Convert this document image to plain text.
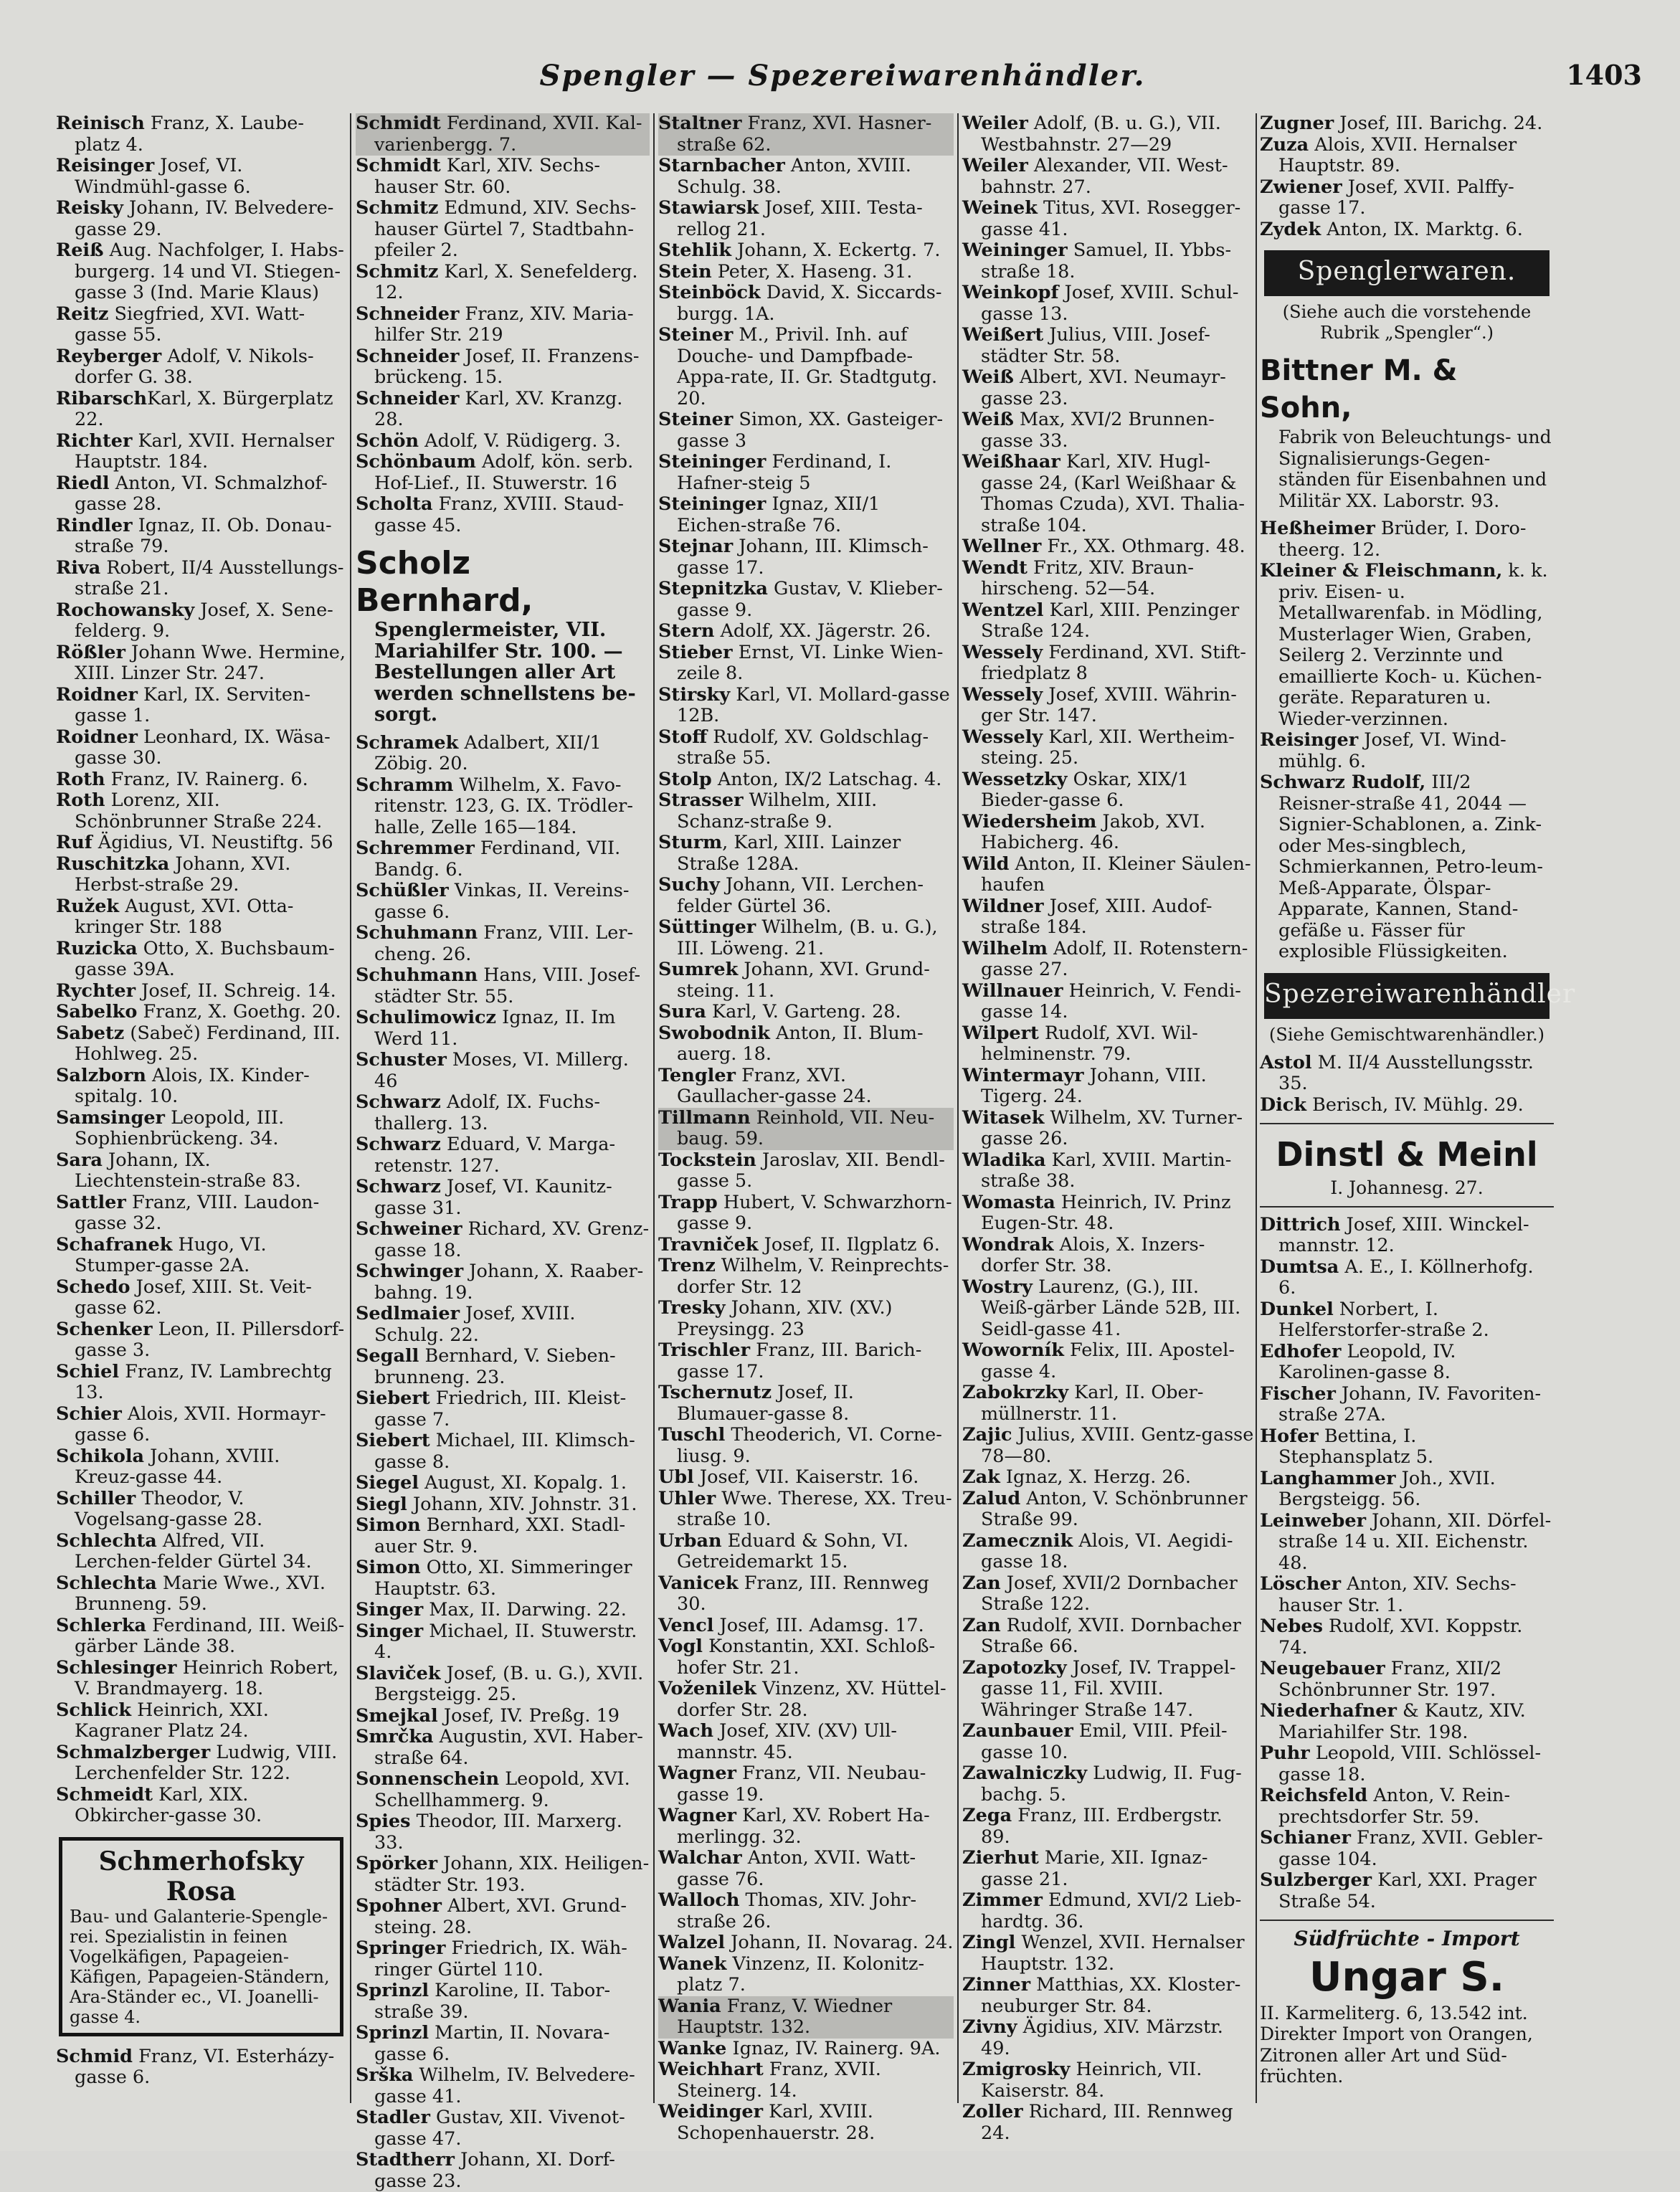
Spengler — Spezereiwarenhändler.	1403
Reinisch Franz, X. Laube-platz 4.
Reisinger Josef, VI. Windmühl-gasse 6.
Reisky Johann, IV. Belvedere-gasse 29.
Reiß Aug. Nachfolger, I. Habs-burgerg. 14 und VI. Stiegen-gasse 3 (Ind. Marie Klaus)
Reitz Siegfried, XVI. Watt-gasse 55.
Reyberger Adolf, V. Nikols-dorfer G. 38.
RibarschKarl, X. Bürgerplatz 22.
Richter Karl, XVII. Hernalser Hauptstr. 184.
Riedl Anton, VI. Schmalzhof-gasse 28.
Rindler Ignaz, II. Ob. Donau-straße 79.
Riva Robert, II/4 Ausstellungs-straße 21.
Rochowansky Josef, X. Sene-felderg. 9.
Rößler Johann Wwe. Hermine, XIII. Linzer Str. 247.
Roidner Karl, IX. Serviten-gasse 1.
Roidner Leonhard, IX. Wäsa-gasse 30.
Roth Franz, IV. Rainerg. 6.
Roth Lorenz, XII. Schönbrunner Straße 224.
Ruf Ägidius, VI. Neustiftg. 56
Ruschitzka Johann, XVI. Herbst-straße 29.
Ružek August, XVI. Otta-kringer Str. 188
Ruzicka Otto, X. Buchsbaum-gasse 39A.
Rychter Josef, II. Schreig. 14.
Sabelko Franz, X. Goethg. 20.
Sabetz (Sabeč) Ferdinand, III. Hohlweg. 25.
Salzborn Alois, IX. Kinder-spitalg. 10.
Samsinger Leopold, III. Sophienbrückeng. 34.
Sara Johann, IX. Liechtenstein-straße 83.
Sattler Franz, VIII. Laudon-gasse 32.
Schafranek Hugo, VI. Stumper-gasse 2A.
Schedo Josef, XIII. St. Veit-gasse 62.
Schenker Leon, II. Pillersdorf-gasse 3.
Schiel Franz, IV. Lambrechtg 13.
Schier Alois, XVII. Hormayr-gasse 6.
Schikola Johann, XVIII. Kreuz-gasse 44.
Schiller Theodor, V. Vogelsang-gasse 28.
Schlechta Alfred, VII. Lerchen-felder Gürtel 34.
Schlechta Marie Wwe., XVI. Brunneng. 59.
Schlerka Ferdinand, III. Weiß-gärber Lände 38.
Schlesinger Heinrich Robert, V. Brandmayerg. 18.
Schlick Heinrich, XXI. Kagraner Platz 24.
Schmalzberger Ludwig, VIII. Lerchenfelder Str. 122.
Schmeidt Karl, XIX. Obkircher-gasse 30.
Schmerhofsky Rosa
Bau- und Galanterie-Spengle-rei. Spezialistin in feinen Vogelkäfigen, Papageien-Käfigen, Papageien-Ständern, Ara-Ständer ec., VI. Joanelli-gasse 4.
Schmid Franz, VI. Esterházy-gasse 6.
Schmidt Ferdinand, XVII. Kal-varienbergg. 7.
Schmidt Karl, XIV. Sechs-hauser Str. 60.
Schmitz Edmund, XIV. Sechs-hauser Gürtel 7, Stadtbahn-pfeiler 2.
Schmitz Karl, X. Senefelderg. 12.
Schneider Franz, XIV. Maria-hilfer Str. 219
Schneider Josef, II. Franzens-brückeng. 15.
Schneider Karl, XV. Kranzg. 28.
Schön Adolf, V. Rüdigerg. 3.
Schönbaum Adolf, kön. serb. Hof-Lief., II. Stuwerstr. 16
Scholta Franz, XVIII. Staud-gasse 45.
Scholz Bernhard,
Spenglermeister, VII. Mariahilfer Str. 100. — Bestellungen aller Art werden schnellstens be-sorgt.
Schramek Adalbert, XII/1 Zöbig. 20.
Schramm Wilhelm, X. Favo-ritenstr. 123, G. IX. Trödler-halle, Zelle 165—184.
Schremmer Ferdinand, VII. Bandg. 6.
Schüßler Vinkas, II. Vereins-gasse 6.
Schuhmann Franz, VIII. Ler-cheng. 26.
Schuhmann Hans, VIII. Josef-städter Str. 55.
Schulimowicz Ignaz, II. Im Werd 11.
Schuster Moses, VI. Millerg. 46
Schwarz Adolf, IX. Fuchs-thallerg. 13.
Schwarz Eduard, V. Marga-retenstr. 127.
Schwarz Josef, VI. Kaunitz-gasse 31.
Schweiner Richard, XV. Grenz-gasse 18.
Schwinger Johann, X. Raaber-bahng. 19.
Sedlmaier Josef, XVIII. Schulg. 22.
Segall Bernhard, V. Sieben-brunneng. 23.
Siebert Friedrich, III. Kleist-gasse 7.
Siebert Michael, III. Klimsch-gasse 8.
Siegel August, XI. Kopalg. 1.
Siegl Johann, XIV. Johnstr. 31.
Simon Bernhard, XXI. Stadl-auer Str. 9.
Simon Otto, XI. Simmeringer Hauptstr. 63.
Singer Max, II. Darwing. 22.
Singer Michael, II. Stuwerstr. 4.
Slaviček Josef, (B. u. G.), XVII. Bergsteigg. 25.
Smejkal Josef, IV. Preßg. 19
Smrčka Augustin, XVI. Haber-straße 64.
Sonnenschein Leopold, XVI. Schellhammerg. 9.
Spies Theodor, III. Marxerg. 33.
Spörker Johann, XIX. Heiligen-städter Str. 193.
Spohner Albert, XVI. Grund-steing. 28.
Springer Friedrich, IX. Wäh-ringer Gürtel 110.
Sprinzl Karoline, II. Tabor-straße 39.
Sprinzl Martin, II. Novara-gasse 6.
Srška Wilhelm, IV. Belvedere-gasse 41.
Stadler Gustav, XII. Vivenot-gasse 47.
Stadtherr Johann, XI. Dorf-gasse 23.
Staltner Franz, XVI. Hasner-straße 62.
Starnbacher Anton, XVIII. Schulg. 38.
Stawiarsk Josef, XIII. Testa-rellog 21.
Stehlik Johann, X. Eckertg. 7.
Stein Peter, X. Haseng. 31.
Steinböck David, X. Siccards-burgg. 1A.
Steiner M., Privil. Inh. auf Douche- und Dampfbade-Appa-rate, II. Gr. Stadtgutg. 20.
Steiner Simon, XX. Gasteiger-gasse 3
Steininger Ferdinand, I. Hafner-steig 5
Steininger Ignaz, XII/1 Eichen-straße 76.
Stejnar Johann, III. Klimsch-gasse 17.
Stepnitzka Gustav, V. Klieber-gasse 9.
Stern Adolf, XX. Jägerstr. 26.
Stieber Ernst, VI. Linke Wien-zeile 8.
Stirsky Karl, VI. Mollard-gasse 12B.
Stoff Rudolf, XV. Goldschlag-straße 55.
Stolp Anton, IX/2 Latschag. 4.
Strasser Wilhelm, XIII. Schanz-straße 9.
Sturm, Karl, XIII. Lainzer Straße 128A.
Suchy Johann, VII. Lerchen-felder Gürtel 36.
Süttinger Wilhelm, (B. u. G.), III. Löweng. 21.
Sumrek Johann, XVI. Grund-steing. 11.
Sura Karl, V. Garteng. 28.
Swobodnik Anton, II. Blum-auerg. 18.
Tengler Franz, XVI. Gaullacher-gasse 24.
Tillmann Reinhold, VII. Neu-baug. 59.
Tockstein Jaroslav, XII. Bendl-gasse 5.
Trapp Hubert, V. Schwarzhorn-gasse 9.
Travniček Josef, II. Ilgplatz 6.
Trenz Wilhelm, V. Reinprechts-dorfer Str. 12
Tresky Johann, XIV. (XV.) Preysingg. 23
Trischler Franz, III. Barich-gasse 17.
Tschernutz Josef, II. Blumauer-gasse 8.
Tuschl Theoderich, VI. Corne-liusg. 9.
Ubl Josef, VII. Kaiserstr. 16.
Uhler Wwe. Therese, XX. Treu-straße 10.
Urban Eduard & Sohn, VI. Getreidemarkt 15.
Vanicek Franz, III. Rennweg 30.
Vencl Josef, III. Adamsg. 17.
Vogl Konstantin, XXI. Schloß-hofer Str. 21.
Voženilek Vinzenz, XV. Hüttel-dorfer Str. 28.
Wach Josef, XIV. (XV) Ull-mannstr. 45.
Wagner Franz, VII. Neubau-gasse 19.
Wagner Karl, XV. Robert Ha-merlingg. 32.
Walchar Anton, XVII. Watt-gasse 76.
Walloch Thomas, XIV. Johr-straße 26.
Walzel Johann, II. Novarag. 24.
Wanek Vinzenz, II. Kolonitz-platz 7.
Wania Franz, V. Wiedner Hauptstr. 132.
Wanke Ignaz, IV. Rainerg. 9A.
Weichhart Franz, XVII. Steinerg. 14.
Weidinger Karl, XVIII. Schopenhauerstr. 28.
Weiler Adolf, (B. u. G.), VII. Westbahnstr. 27—29
Weiler Alexander, VII. West-bahnstr. 27.
Weinek Titus, XVI. Rosegger-gasse 41.
Weininger Samuel, II. Ybbs-straße 18.
Weinkopf Josef, XVIII. Schul-gasse 13.
Weißert Julius, VIII. Josef-städter Str. 58.
Weiß Albert, XVI. Neumayr-gasse 23.
Weiß Max, XVI/2 Brunnen-gasse 33.
Weißhaar Karl, XIV. Hugl-gasse 24, (Karl Weißhaar & Thomas Czuda), XVI. Thalia-straße 104.
Wellner Fr., XX. Othmarg. 48.
Wendt Fritz, XIV. Braun-hirscheng. 52—54.
Wentzel Karl, XIII. Penzinger Straße 124.
Wessely Ferdinand, XVI. Stift-friedplatz 8
Wessely Josef, XVIII. Währin-ger Str. 147.
Wessely Karl, XII. Wertheim-steing. 25.
Wessetzky Oskar, XIX/1 Bieder-gasse 6.
Wiedersheim Jakob, XVI. Habicherg. 46.
Wild Anton, II. Kleiner Säulen-haufen
Wildner Josef, XIII. Audof-straße 184.
Wilhelm Adolf, II. Rotenstern-gasse 27.
Willnauer Heinrich, V. Fendi-gasse 14.
Wilpert Rudolf, XVI. Wil-helminenstr. 79.
Wintermayr Johann, VIII. Tigerg. 24.
Witasek Wilhelm, XV. Turner-gasse 26.
Wladika Karl, XVIII. Martin-straße 38.
Womasta Heinrich, IV. Prinz Eugen-Str. 48.
Wondrak Alois, X. Inzers-dorfer Str. 38.
Wostry Laurenz, (G.), III. Weiß-gärber Lände 52B, III. Seidl-gasse 41.
Woworník Felix, III. Apostel-gasse 4.
Zabokrzky Karl, II. Ober-müllnerstr. 11.
Zajic Julius, XVIII. Gentz-gasse 78—80.
Zak Ignaz, X. Herzg. 26.
Zalud Anton, V. Schönbrunner Straße 99.
Zamecznik Alois, VI. Aegidi-gasse 18.
Zan Josef, XVII/2 Dornbacher Straße 122.
Zan Rudolf, XVII. Dornbacher Straße 66.
Zapotozky Josef, IV. Trappel-gasse 11, Fil. XVIII. Währinger Straße 147.
Zaunbauer Emil, VIII. Pfeil-gasse 10.
Zawalniczky Ludwig, II. Fug-bachg. 5.
Zega Franz, III. Erdbergstr. 89.
Zierhut Marie, XII. Ignaz-gasse 21.
Zimmer Edmund, XVI/2 Lieb-hardtg. 36.
Zingl Wenzel, XVII. Hernalser Hauptstr. 132.
Zinner Matthias, XX. Kloster-neuburger Str. 84.
Zivny Ägidius, XIV. Märzstr. 49.
Zmigrosky Heinrich, VII. Kaiserstr. 84.
Zoller Richard, III. Rennweg 24.
Zugner Josef, III. Barichg. 24.
Zuza Alois, XVII. Hernalser Hauptstr. 89.
Zwiener Josef, XVII. Palffy-gasse 17.
Zydek Anton, IX. Marktg. 6.
Spenglerwaren.
(Siehe auch die vorstehende Rubrik „Spengler“.)
Bittner M. & Sohn,
Fabrik von Beleuchtungs- und Signalisierungs-Gegen-ständen für Eisenbahnen und Militär XX. Laborstr. 93.
Heßheimer Brüder, I. Doro-theerg. 12.
Kleiner & Fleischmann, k. k. priv. Eisen- u. Metallwarenfab. in Mödling, Musterlager Wien, Graben, Seilerg 2. Verzinnte und emaillierte Koch- u. Küchen-geräte. Reparaturen u. Wieder-verzinnen.
Reisinger Josef, VI. Wind-mühlg. 6.
Schwarz Rudolf, III/2 Reisner-straße 41, 2044 — Signier-Schablonen, a. Zink- oder Mes-singblech, Schmierkannen, Petro-leum- Meß-Apparate, Ölspar-Apparate, Kannen, Stand-gefäße u. Fässer für explosible Flüssigkeiten.
Spezereiwarenhändler
(Siehe Gemischtwarenhändler.)
Astol M. II/4 Ausstellungsstr. 35.
Dick Berisch, IV. Mühlg. 29.
Dinstl & Meinl
I. Johannesg. 27.
Dittrich Josef, XIII. Winckel-mannstr. 12.
Dumtsa A. E., I. Köllnerhofg. 6.
Dunkel Norbert, I. Helferstorfer-straße 2.
Edhofer Leopold, IV. Karolinen-gasse 8.
Fischer Johann, IV. Favoriten-straße 27A.
Hofer Bettina, I. Stephansplatz 5.
Langhammer Joh., XVII. Bergsteigg. 56.
Leinweber Johann, XII. Dörfel-straße 14 u. XII. Eichenstr. 48.
Löscher Anton, XIV. Sechs-hauser Str. 1.
Nebes Rudolf, XVI. Koppstr. 74.
Neugebauer Franz, XII/2 Schönbrunner Str. 197.
Niederhafner & Kautz, XIV. Mariahilfer Str. 198.
Puhr Leopold, VIII. Schlössel-gasse 18.
Reichsfeld Anton, V. Rein-prechtsdorfer Str. 59.
Schianer Franz, XVII. Gebler-gasse 104.
Sulzberger Karl, XXI. Prager Straße 54.
Südfrüchte - Import
Ungar S.
II. Karmeliterg. 6, 13.542 int. Direkter Import von Orangen, Zitronen aller Art und Süd-früchten.
